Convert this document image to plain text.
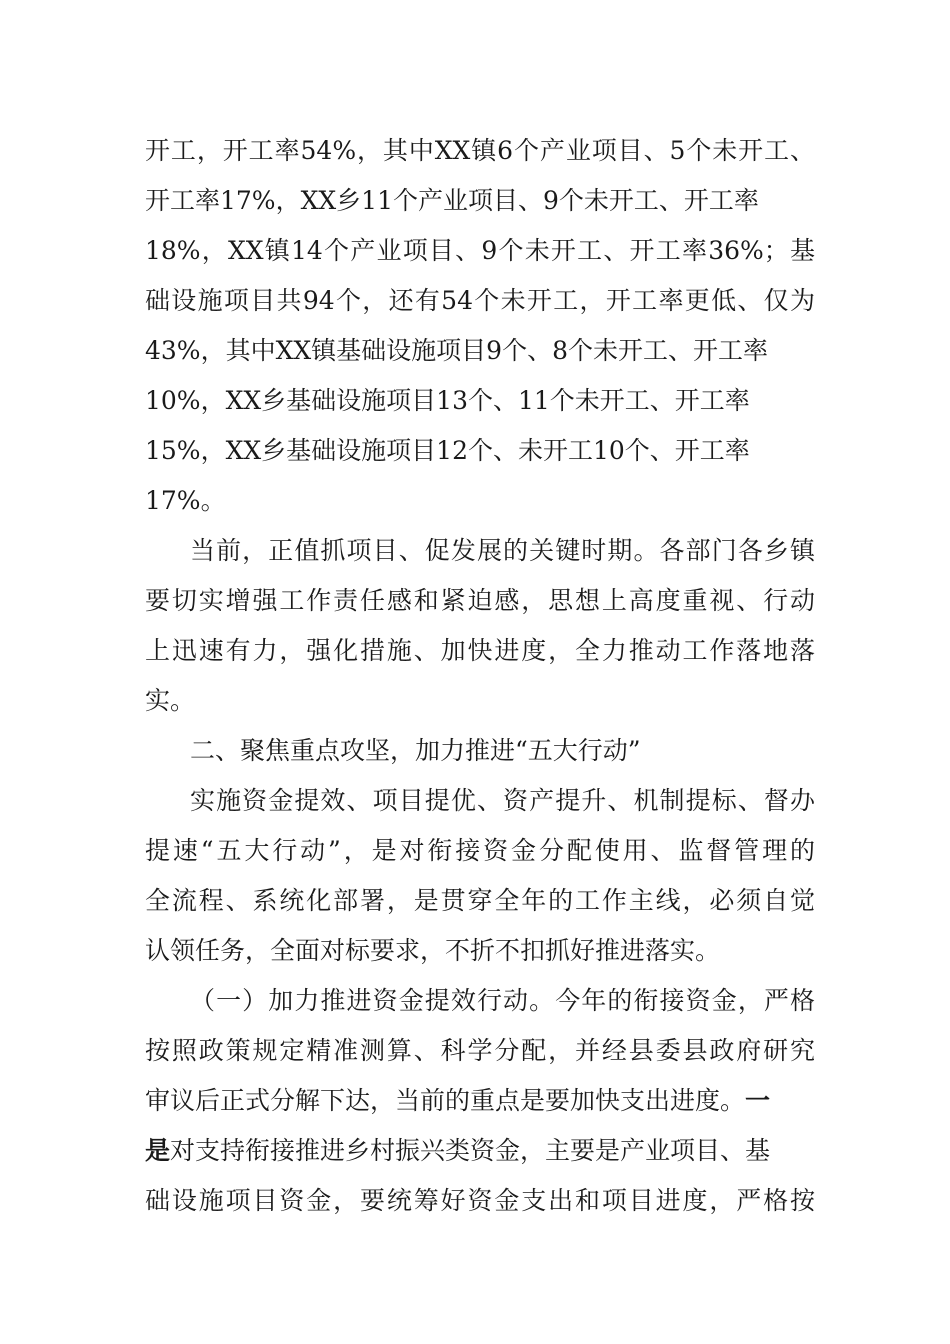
开工，开工率54%，其中XX镇6个产业项目、5个未开工、
开工率17%，XX乡11个产业项目、9个未开工、开工率
18%，XX镇14个产业项目、9个未开工、开工率36%；基
础设施项目共94个，还有54个未开工，开工率更低、仅为
43%，其中XX镇基础设施项目9个、8个未开工、开工率
10%，XX乡基础设施项目13个、11个未开工、开工率
15%，XX乡基础设施项目12个、未开工10个、开工率
17%。
当前，正值抓项目、促发展的关键时期。各部门各乡镇
要切实增强工作责任感和紧迫感，思想上高度重视、行动
上迅速有力，强化措施、加快进度，全力推动工作落地落
实。
二、聚焦重点攻坚，加力推进“五大行动”
实施资金提效、项目提优、资产提升、机制提标、督办
提速“五大行动”，是对衔接资金分配使用、监督管理的
全流程、系统化部署，是贯穿全年的工作主线，必须自觉
认领任务，全面对标要求，不折不扣抓好推进落实。
（一）加力推进资金提效行动。今年的衔接资金，严格
按照政策规定精准测算、科学分配，并经县委县政府研究
审议后正式分解下达，当前的重点是要加快支出进度。一
是对支持衔接推进乡村振兴类资金，主要是产业项目、基
础设施项目资金，要统筹好资金支出和项目进度，严格按
